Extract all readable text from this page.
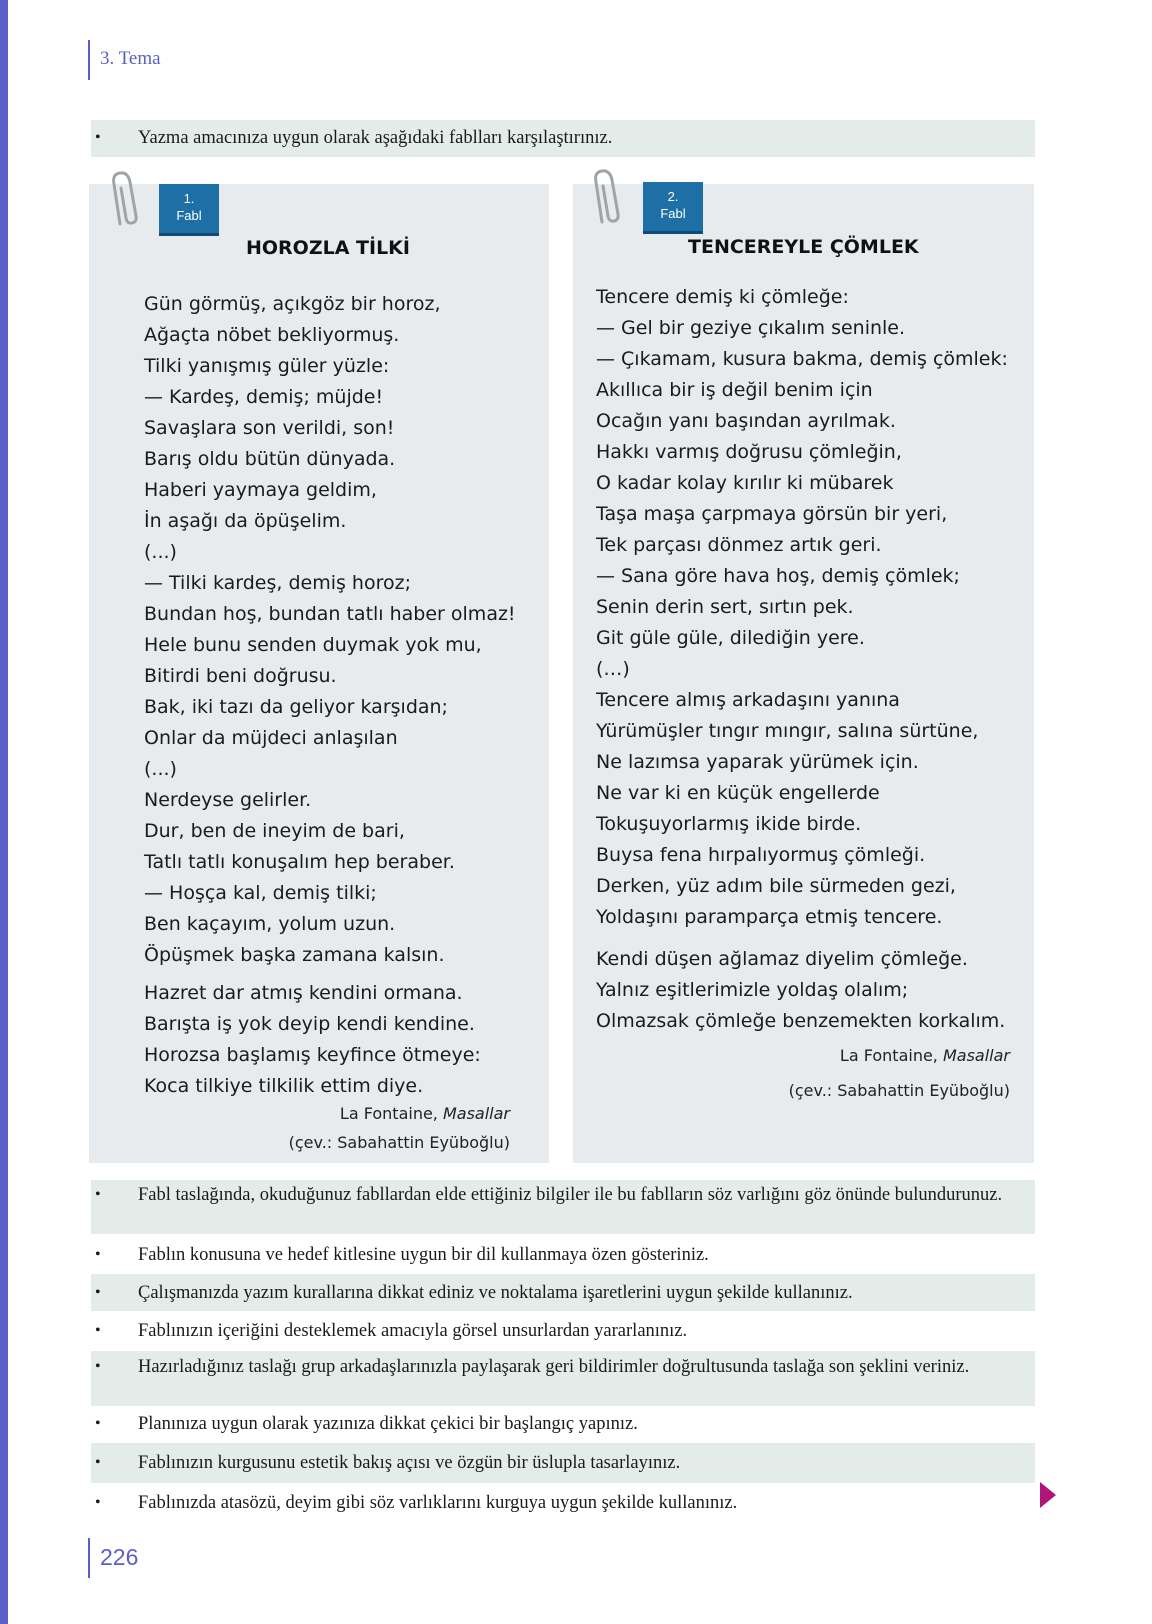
3. Tema
• Yazma amacınıza uygun olarak aşağıdaki fablları karşılaştırınız.
1.
Fabl
HOROZLA TİLKİ
Gün görmüş, açıkgöz bir horoz,
Ağaçta nöbet bekliyormuş.
Tilki yanışmış güler yüzle:
— Kardeş, demiş; müjde!
Savaşlara son verildi, son!
Barış oldu bütün dünyada.
Haberi yaymaya geldim,
İn aşağı da öpüşelim.
(...)
— Tilki kardeş, demiş horoz;
Bundan hoş, bundan tatlı haber olmaz!
Hele bunu senden duymak yok mu,
Bitirdi beni doğrusu.
Bak, iki tazı da geliyor karşıdan;
Onlar da müjdeci anlaşılan
(...)
Nerdeyse gelirler.
Dur, ben de ineyim de bari,
Tatlı tatlı konuşalım hep beraber.
— Hoşça kal, demiş tilki;
Ben kaçayım, yolum uzun.
Öpüşmek başka zamana kalsın.
Hazret dar atmış kendini ormana.
Barışta iş yok deyip kendi kendine.
Horozsa başlamış keyfince ötmeye:
Koca tilkiye tilkilik ettim diye.
La Fontaine, Masallar
(çev.: Sabahattin Eyüboğlu)
2.
Fabl
TENCEREYLE ÇÖMLEK
Tencere demiş ki çömleğe:
— Gel bir geziye çıkalım seninle.
— Çıkamam, kusura bakma, demiş çömlek:
Akıllıca bir iş değil benim için
Ocağın yanı başından ayrılmak.
Hakkı varmış doğrusu çömleğin,
O kadar kolay kırılır ki mübarek
Taşa maşa çarpmaya görsün bir yeri,
Tek parçası dönmez artık geri.
— Sana göre hava hoş, demiş çömlek;
Senin derin sert, sırtın pek.
Git güle güle, dilediğin yere.
(…)
Tencere almış arkadaşını yanına
Yürümüşler tıngır mıngır, salına sürtüne,
Ne lazımsa yaparak yürümek için.
Ne var ki en küçük engellerde
Tokuşuyorlarmış ikide birde.
Buysa fena hırpalıyormuş çömleği.
Derken, yüz adım bile sürmeden gezi,
Yoldaşını paramparça etmiş tencere.
Kendi düşen ağlamaz diyelim çömleğe.
Yalnız eşitlerimizle yoldaş olalım;
Olmazsak çömleğe benzemekten korkalım.
La Fontaine, Masallar
(çev.: Sabahattin Eyüboğlu)
• Fabl taslağında, okuduğunuz fabllardan elde ettiğiniz bilgiler ile bu fablların söz varlığını göz önünde bulundurunuz.
• Fablın konusuna ve hedef kitlesine uygun bir dil kullanmaya özen gösteriniz.
• Çalışmanızda yazım kurallarına dikkat ediniz ve noktalama işaretlerini uygun şekilde kullanınız.
• Fablınızın içeriğini desteklemek amacıyla görsel unsurlardan yararlanınız.
• Hazırladığınız taslağı grup arkadaşlarınızla paylaşarak geri bildirimler doğrultusunda taslağa son şeklini veriniz.
• Planınıza uygun olarak yazınıza dikkat çekici bir başlangıç yapınız.
• Fablınızın kurgusunu estetik bakış açısı ve özgün bir üslupla tasarlayınız.
• Fablınızda atasözü, deyim gibi söz varlıklarını kurguya uygun şekilde kullanınız.
226
